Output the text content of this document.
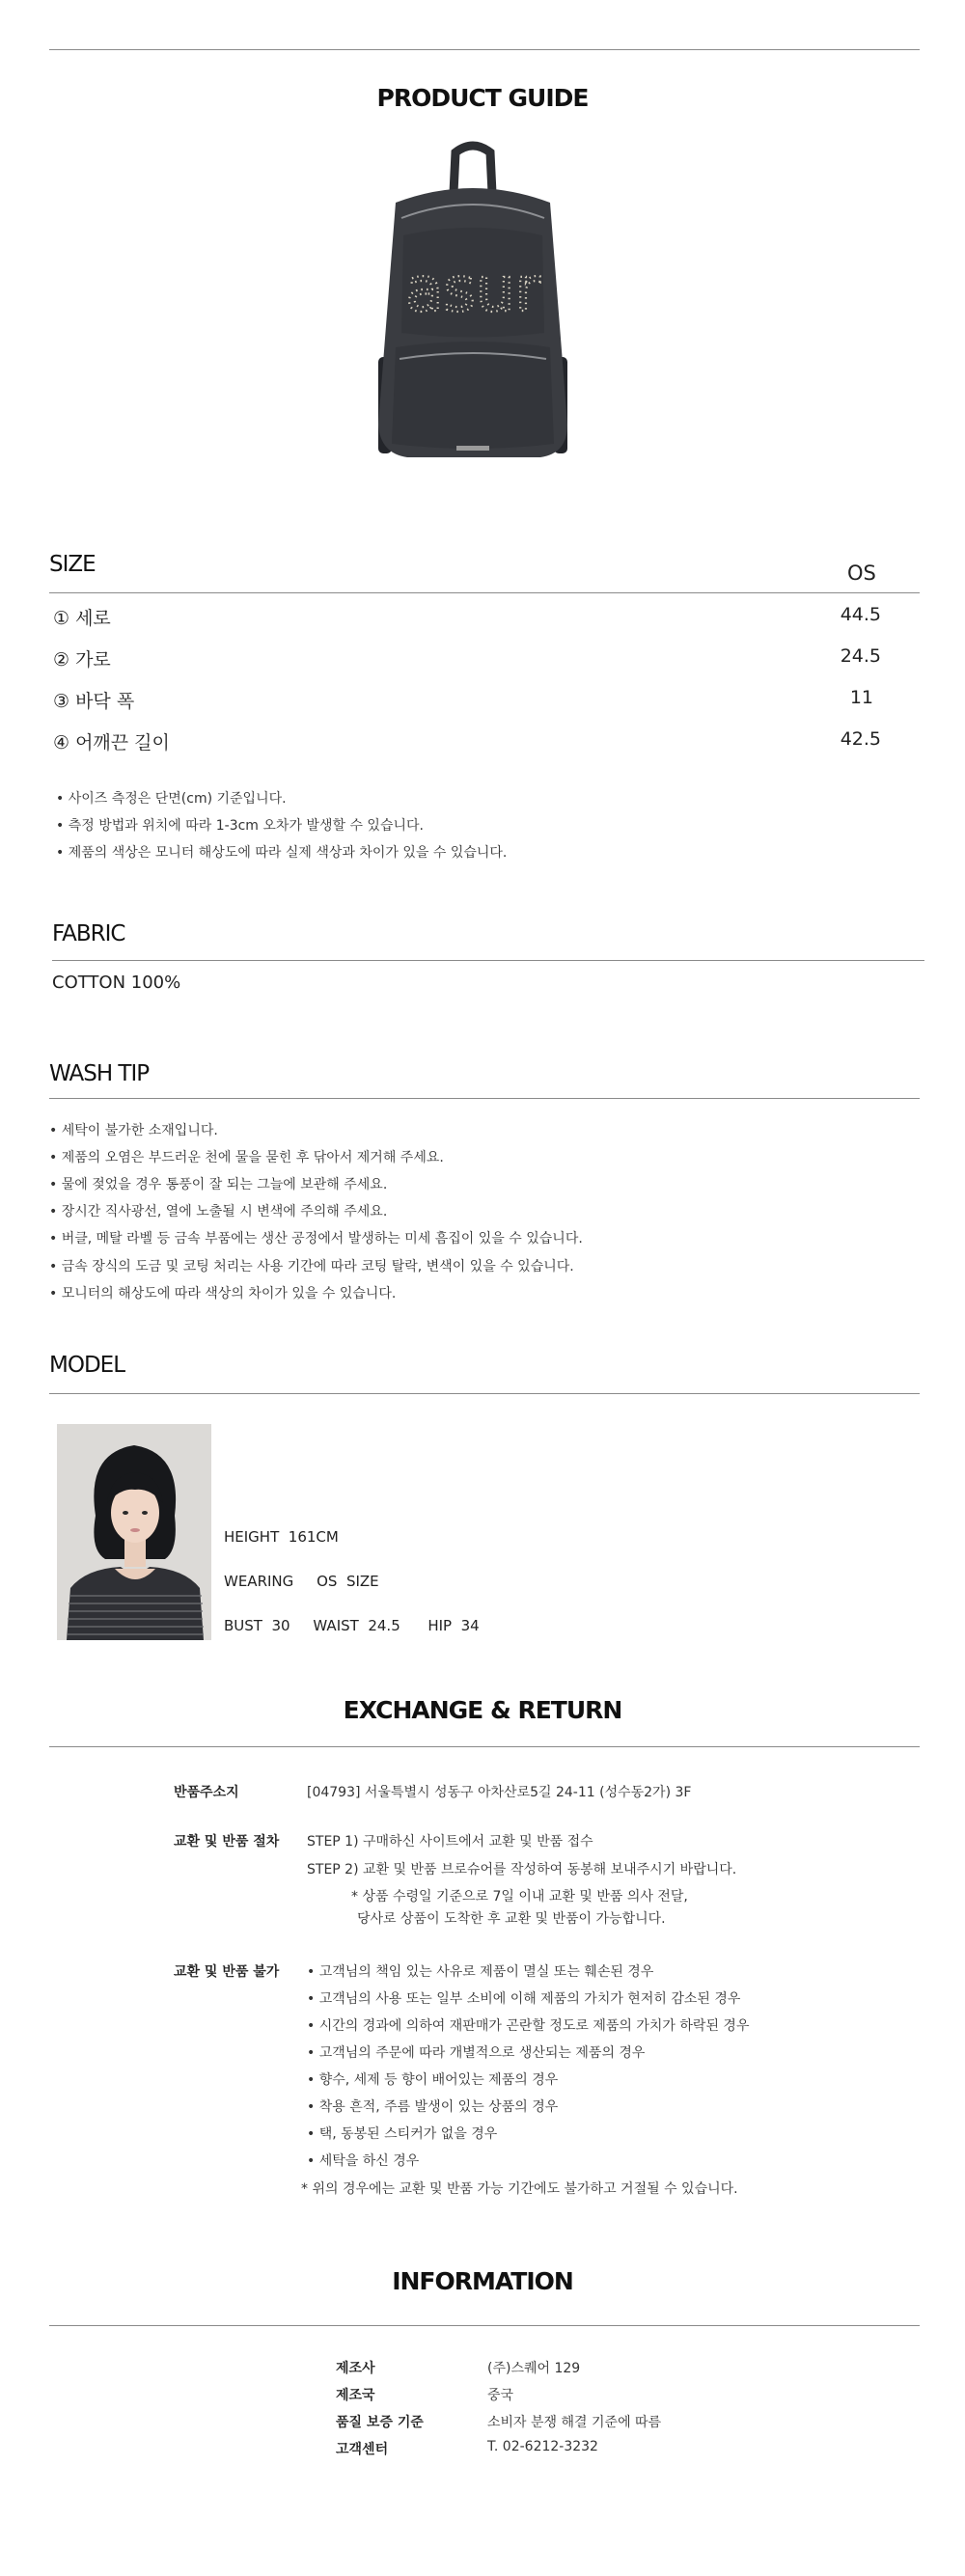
PRODUCT GUIDE
asur
SIZE	OS
① 세로	44.5
② 가로	24.5
③ 바닥 폭	11
④ 어깨끈 길이	42.5
• 사이즈 측정은 단면(cm) 기준입니다.
• 측정 방법과 위치에 따라 1-3cm 오차가 발생할 수 있습니다.
• 제품의 색상은 모니터 해상도에 따라 실제 색상과 차이가 있을 수 있습니다.
FABRIC
COTTON 100%
WASH TIP
• 세탁이 불가한 소재입니다.
• 제품의 오염은 부드러운 천에 물을 묻힌 후 닦아서 제거해 주세요.
• 물에 젖었을 경우 통풍이 잘 되는 그늘에 보관해 주세요.
• 장시간 직사광선, 열에 노출될 시 변색에 주의해 주세요.
• 버클, 메탈 라벨 등 금속 부품에는 생산 공정에서 발생하는 미세 흠집이 있을 수 있습니다.
• 금속 장식의 도금 및 코팅 처리는 사용 기간에 따라 코팅 탈락, 변색이 있을 수 있습니다.
• 모니터의 해상도에 따라 색상의 차이가 있을 수 있습니다.
MODEL
HEIGHT  161CM
WEARING     OS  SIZE
BUST  30     WAIST  24.5      HIP  34
EXCHANGE & RETURN
반품주소지	[04793] 서울특별시 성동구 아차산로5길 24-11 (성수동2가) 3F
교환 및 반품 절차 STEP 1) 구매하신 사이트에서 교환 및 반품 접수
STEP 2) 교환 및 반품 브로슈어를 작성하여 동봉해 보내주시기 바랍니다.
* 상품 수령일 기준으로 7일 이내 교환 및 반품 의사 전달,
당사로 상품이 도착한 후 교환 및 반품이 가능합니다.
교환 및 반품 불가 • 고객님의 책임 있는 사유로 제품이 멸실 또는 훼손된 경우
• 고객님의 사용 또는 일부 소비에 이해 제품의 가치가 현저히 감소된 경우
• 시간의 경과에 의하여 재판매가 곤란할 정도로 제품의 가치가 하락된 경우
• 고객님의 주문에 따라 개별적으로 생산되는 제품의 경우
• 향수, 세제 등 향이 배어있는 제품의 경우
• 착용 흔적, 주름 발생이 있는 상품의 경우
• 택, 동봉된 스티커가 없을 경우
• 세탁을 하신 경우
* 위의 경우에는 교환 및 반품 가능 기간에도 불가하고 거절될 수 있습니다.
INFORMATION
제조사	(주)스퀘어 129
제조국	중국
품질 보증 기준	소비자 분쟁 해결 기준에 따름
고객센터	T. 02-6212-3232
